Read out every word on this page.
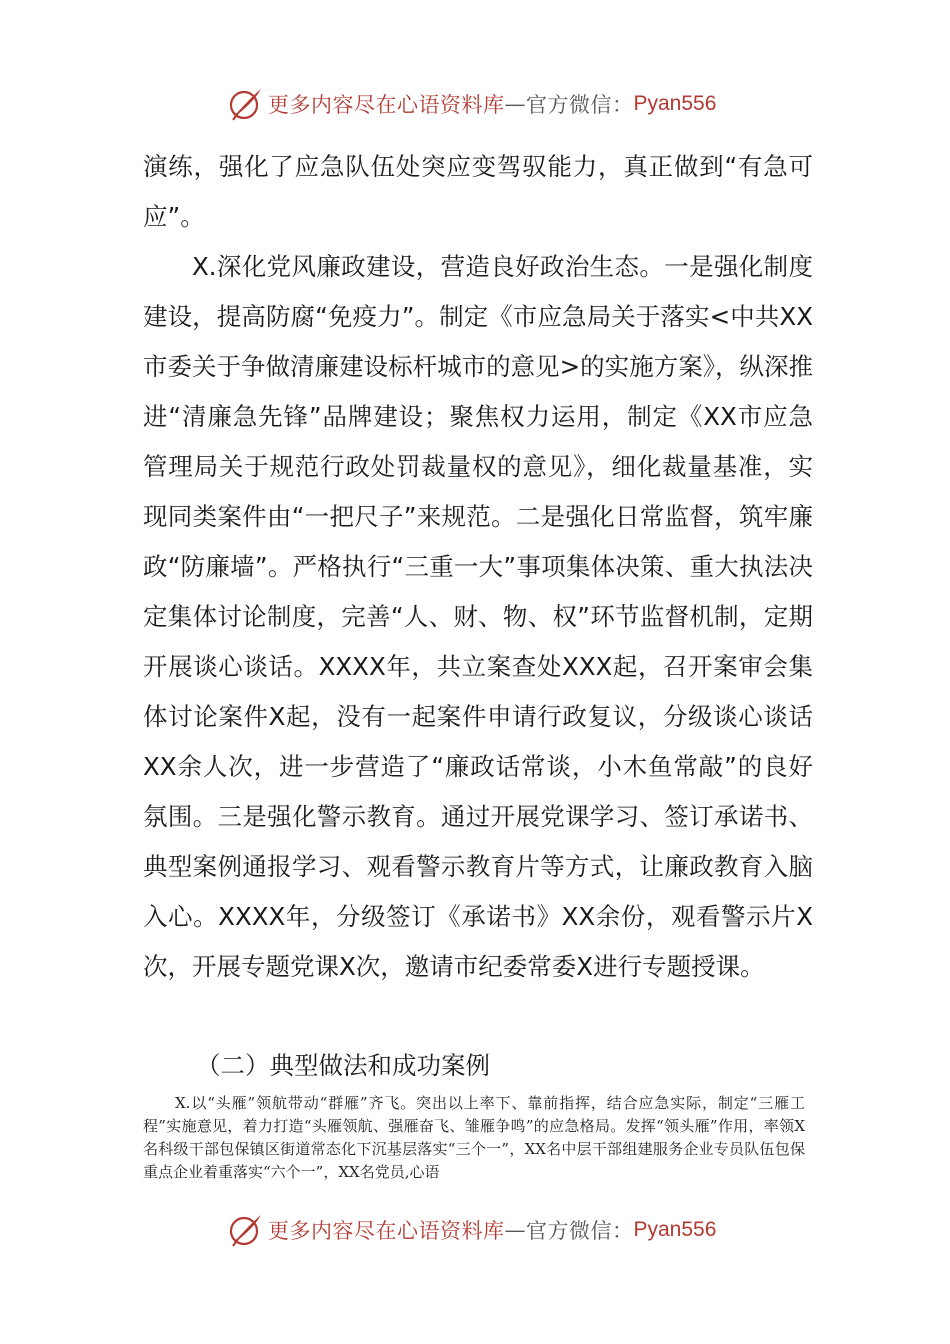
更多内容尽在心语资料库 — 官方微信： Pyan556

演练，强化了应急队伍处突应变驾驭能力，真正做到“有急可应”。

X.深化党风廉政建设，营造良好政治生态。一是强化制度建设，提高防腐“免疫力”。制定《市应急局关于落实<中共XX市委关于争做清廉建设标杆城市的意见>的实施方案》，纵深推进“清廉急先锋”品牌建设；聚焦权力运用，制定《XX市应急管理局关于规范行政处罚裁量权的意见》，细化裁量基准，实现同类案件由“一把尺子”来规范。二是强化日常监督，筑牢廉政“防廉墙”。严格执行“三重一大”事项集体决策、重大执法决定集体讨论制度，完善“人、财、物、权”环节监督机制，定期开展谈心谈话。XXXX年，共立案查处XXX起，召开案审会集体讨论案件X起，没有一起案件申请行政复议，分级谈心谈话XX余人次，进一步营造了“廉政话常谈，小木鱼常敲”的良好氛围。三是强化警示教育。通过开展党课学习、签订承诺书、典型案例通报学习、观看警示教育片等方式，让廉政教育入脑入心。XXXX年，分级签订《承诺书》XX余份，观看警示片X次，开展专题党课X次，邀请市纪委常委X进行专题授课。

（二）典型做法和成功案例

X.以“头雁”领航带动“群雁”齐飞。突出以上率下、靠前指挥，结合应急实际，制定“三雁工程”实施意见，着力打造“头雁领航、强雁奋飞、雏雁争鸣”的应急格局。发挥“领头雁”作用，率领X名科级干部包保镇区街道常态化下沉基层落实“三个一”，XX名中层干部组建服务企业专员队伍包保重点企业着重落实“六个一”，XX名党员,心语

更多内容尽在心语资料库 — 官方微信： Pyan556
